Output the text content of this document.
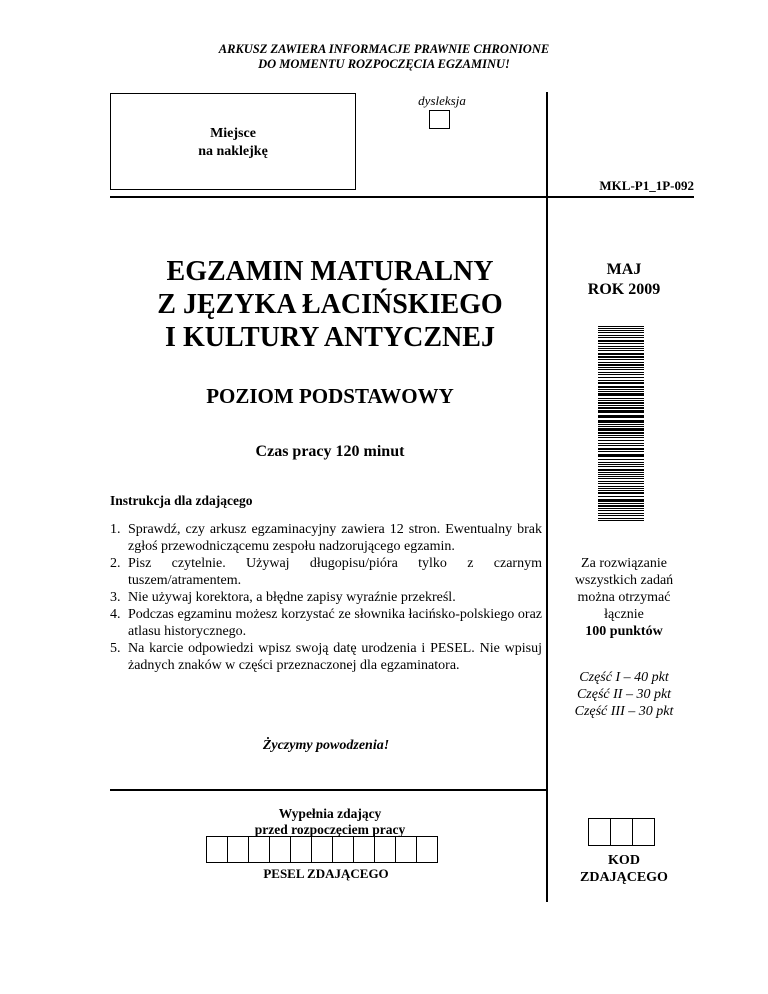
ARKUSZ ZAWIERA INFORMACJE PRAWNIE CHRONIONE
DO MOMENTU ROZPOCZĘCIA EGZAMINU!
Miejsce
na naklejkę
dysleksja
MKL-P1_1P-092
EGZAMIN MATURALNY
Z JĘZYKA ŁACIŃSKIEGO
I KULTURY ANTYCZNEJ
MAJ
ROK 2009
POZIOM PODSTAWOWY
Czas pracy 120 minut
Instrukcja dla zdającego
1. Sprawdź, czy arkusz egzaminacyjny zawiera 12 stron. Ewentualny brak zgłoś przewodniczącemu zespołu nadzorującego egzamin.
2. Pisz czytelnie. Używaj długopisu/pióra tylko z czarnym tuszem/atramentem.
3. Nie używaj korektora, a błędne zapisy wyraźnie przekreśl.
4. Podczas egzaminu możesz korzystać ze słownika łacińsko-polskiego oraz atlasu historycznego.
5. Na karcie odpowiedzi wpisz swoją datę urodzenia i PESEL. Nie wpisuj żadnych znaków w części przeznaczonej dla egzaminatora.
Za rozwiązanie
wszystkich zadań
można otrzymać
łącznie
100 punktów
Część I – 40 pkt
Część II – 30 pkt
Część III – 30 pkt
Życzymy powodzenia!
Wypełnia zdający
przed rozpoczęciem pracy
PESEL ZDAJĄCEGO
KOD
ZDAJĄCEGO
